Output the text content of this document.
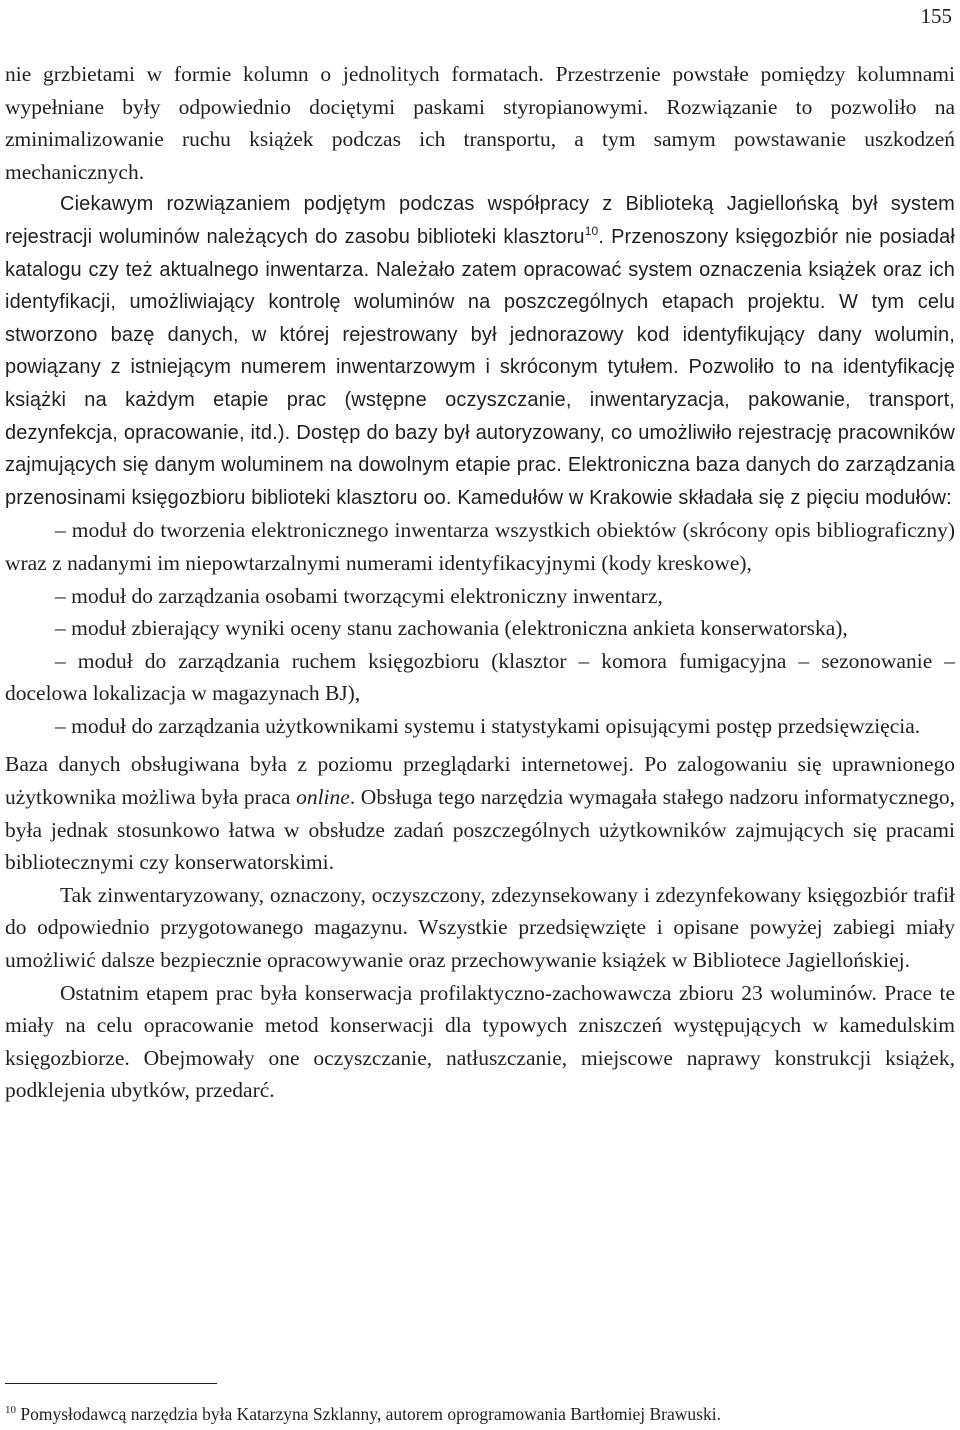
155

nie grzbietami w formie kolumn o jednolitych formatach. Przestrzenie powstałe pomiędzy kolumnami wypełniane były odpowiednio dociętymi paskami styropianowymi. Rozwiązanie to pozwoliło na zminimalizowanie ruchu książek podczas ich transportu, a tym samym powstawanie uszkodzeń mechanicznych.

Ciekawym rozwiązaniem podjętym podczas współpracy z Biblioteką Jagiellońską był system rejestracji woluminów należących do zasobu biblioteki klasztoru$^{10}$. Przenoszony księgozbiór nie posiadał katalogu czy też aktualnego inwentarza. Należało zatem opracować system oznaczenia książek oraz ich identyfikacji, umożliwiający kontrolę woluminów na poszczególnych etapach projektu. W tym celu stworzono bazę danych, w której rejestrowany był jednorazowy kod identyfikujący dany wolumin, powiązany z istniejącym numerem inwentarzowym i skróconym tytułem. Pozwoliło to na identyfikację książki na każdym etapie prac (wstępne oczyszczanie, inwentaryzacja, pakowanie, transport, dezynfekcja, opracowanie, itd.). Dostęp do bazy był autoryzowany, co umożliwiło rejestrację pracowników zajmujących się danym woluminem na dowolnym etapie prac. Elektroniczna baza danych do zarządzania przenosinami księgozbioru biblioteki klasztoru oo. Kamedułów w Krakowie składała się z pięciu modułów:

– moduł do tworzenia elektronicznego inwentarza wszystkich obiektów (skrócony opis bibliograficzny) wraz z nadanymi im niepowtarzalnymi numerami identyfikacyjnymi (kody kreskowe),

– moduł do zarządzania osobami tworzącymi elektroniczny inwentarz,

– moduł zbierający wyniki oceny stanu zachowania (elektroniczna ankieta konserwatorska),

– moduł do zarządzania ruchem księgozbioru (klasztor – komora fumigacyjna – sezonowanie – docelowa lokalizacja w magazynach BJ),

– moduł do zarządzania użytkownikami systemu i statystykami opisującymi postęp przedsięwzięcia.

Baza danych obsługiwana była z poziomu przeglądarki internetowej. Po zalogowaniu się uprawnionego użytkownika możliwa była praca online. Obsługa tego narzędzia wymagała stałego nadzoru informatycznego, była jednak stosunkowo łatwa w obsłudze zadań poszczególnych użytkowników zajmujących się pracami bibliotecznymi czy konserwatorskimi.

Tak zinwentaryzowany, oznaczony, oczyszczony, zdezynsekowany i zdezynfekowany księgozbiór trafił do odpowiednio przygotowanego magazynu. Wszystkie przedsięwzięte i opisane powyżej zabiegi miały umożliwić dalsze bezpiecznie opracowywanie oraz przechowywanie książek w Bibliotece Jagiellońskiej.

Ostatnim etapem prac była konserwacja profilaktyczno-zachowawcza zbioru 23 woluminów. Prace te miały na celu opracowanie metod konserwacji dla typowych zniszczeń występujących w kamedulskim księgozbiorze. Obejmowały one oczyszczanie, natłuszczanie, miejscowe naprawy konstrukcji książek, podklejenia ubytków, przedarć.

$^{10}$ Pomysłodawcą narzędzia była Katarzyna Szklanny, autorem oprogramowania Bartłomiej Brawuski.
